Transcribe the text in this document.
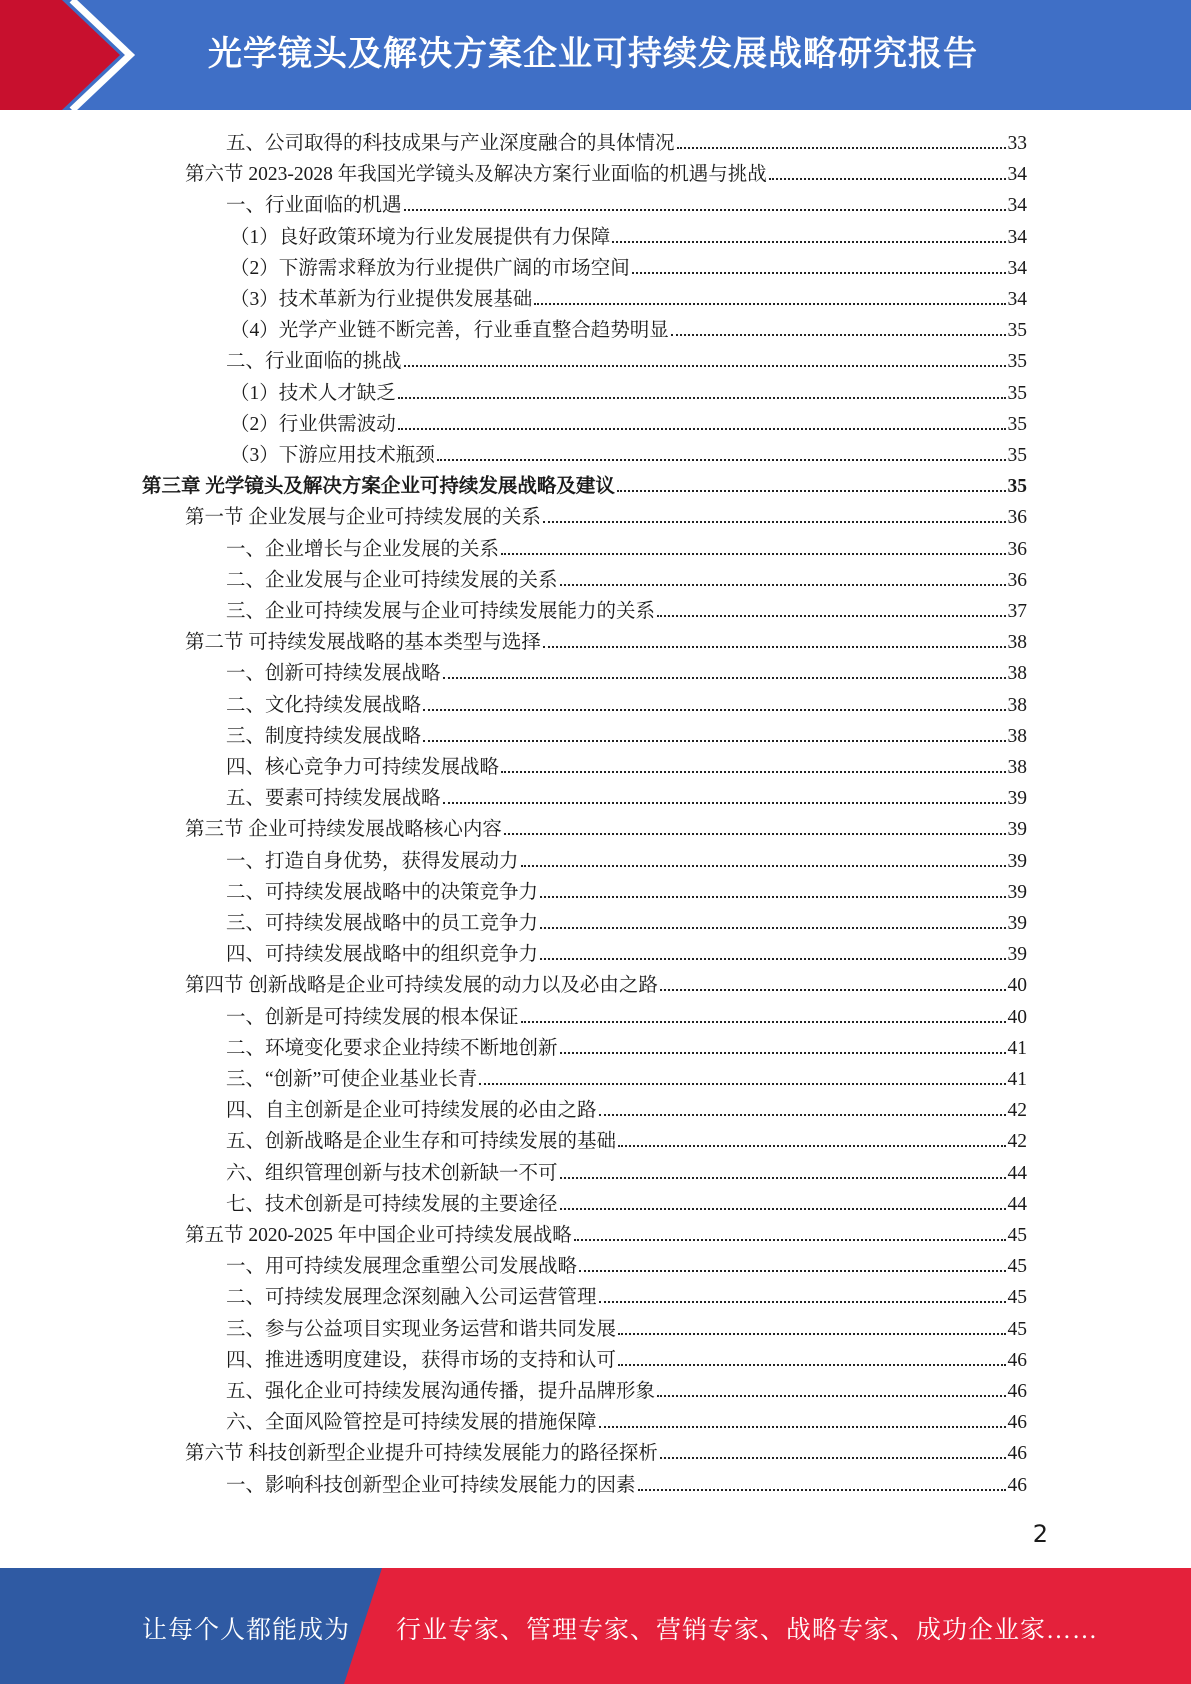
光学镜头及解决方案企业可持续发展战略研究报告
五、公司取得的科技成果与产业深度融合的具体情况	33
第六节 2023-2028 年我国光学镜头及解决方案行业面临的机遇与挑战	34
一、行业面临的机遇	34
（1）良好政策环境为行业发展提供有力保障	34
（2）下游需求释放为行业提供广阔的市场空间	34
（3）技术革新为行业提供发展基础	34
（4）光学产业链不断完善，行业垂直整合趋势明显	35
二、行业面临的挑战	35
（1）技术人才缺乏	35
（2）行业供需波动	35
（3）下游应用技术瓶颈	35
第三章 光学镜头及解决方案企业可持续发展战略及建议	35
第一节 企业发展与企业可持续发展的关系	36
一、企业增长与企业发展的关系	36
二、企业发展与企业可持续发展的关系	36
三、企业可持续发展与企业可持续发展能力的关系	37
第二节 可持续发展战略的基本类型与选择	38
一、创新可持续发展战略	38
二、文化持续发展战略	38
三、制度持续发展战略	38
四、核心竞争力可持续发展战略	38
五、要素可持续发展战略	39
第三节 企业可持续发展战略核心内容	39
一、打造自身优势，获得发展动力	39
二、可持续发展战略中的决策竞争力	39
三、可持续发展战略中的员工竞争力	39
四、可持续发展战略中的组织竞争力	39
第四节 创新战略是企业可持续发展的动力以及必由之路	40
一、创新是可持续发展的根本保证	40
二、环境变化要求企业持续不断地创新	41
三、“创新”可使企业基业长青	41
四、自主创新是企业可持续发展的必由之路	42
五、创新战略是企业生存和可持续发展的基础	42
六、组织管理创新与技术创新缺一不可	44
七、技术创新是可持续发展的主要途径	44
第五节 2020-2025 年中国企业可持续发展战略	45
一、用可持续发展理念重塑公司发展战略	45
二、可持续发展理念深刻融入公司运营管理	45
三、参与公益项目实现业务运营和谐共同发展	45
四、推进透明度建设，获得市场的支持和认可	46
五、强化企业可持续发展沟通传播，提升品牌形象	46
六、全面风险管控是可持续发展的措施保障	46
第六节 科技创新型企业提升可持续发展能力的路径探析	46
一、影响科技创新型企业可持续发展能力的因素	46
2
让每个人都能成为 行业专家、管理专家、营销专家、战略专家、成功企业家……
